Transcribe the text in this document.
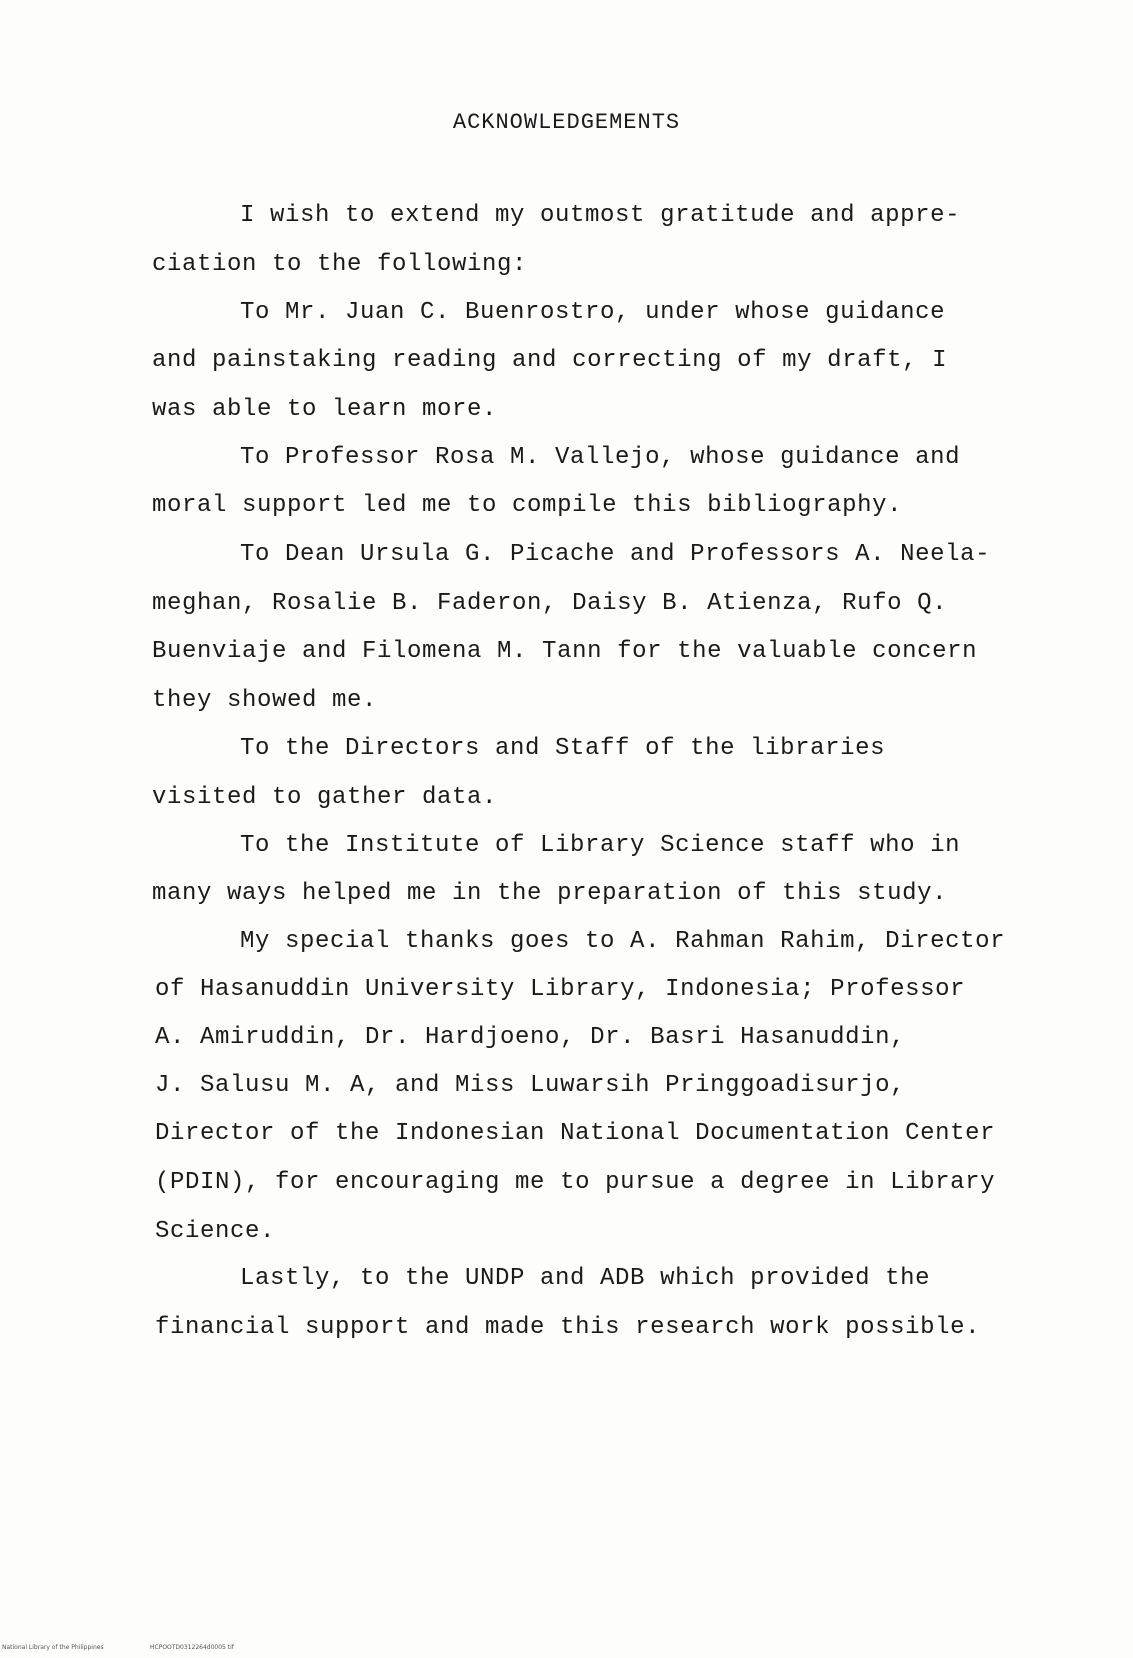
ACKNOWLEDGEMENTS
I wish to extend my outmost gratitude and appre-
ciation to the following:
To Mr. Juan C. Buenrostro, under whose guidance
and painstaking reading and correcting of my draft, I
was able to learn more.
To Professor Rosa M. Vallejo, whose guidance and
moral support led me to compile this bibliography.
To Dean Ursula G. Picache and Professors A. Neela-
meghan, Rosalie B. Faderon, Daisy B. Atienza, Rufo Q.
Buenviaje and Filomena M. Tann for the valuable concern
they showed me.
To the Directors and Staff of the libraries
visited to gather data.
To the Institute of Library Science staff who in
many ways helped me in the preparation of this study.
My special thanks goes to A. Rahman Rahim, Director
of Hasanuddin University Library, Indonesia; Professor
A. Amiruddin, Dr. Hardjoeno, Dr. Basri Hasanuddin,
J. Salusu M. A, and Miss Luwarsih Pringgoadisurjo,
Director of the Indonesian National Documentation Center
(PDIN), for encouraging me to pursue a degree in Library
Science.
Lastly, to the UNDP and ADB which provided the
financial support and made this research work possible.
National Library of the Philippines	HCPOOTD0312264d0005 tif
